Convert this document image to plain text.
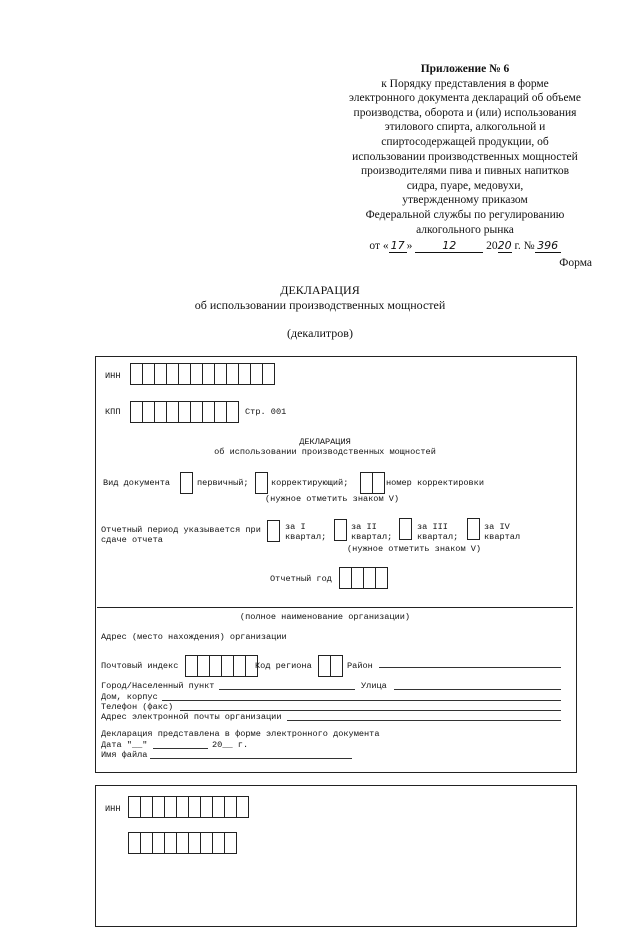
Приложение № 6
к Порядку представления в форме
электронного документа деклараций об объеме
производства, оборота и (или) использования
этилового спирта, алкогольной и
спиртосодержащей продукции, об
использовании производственных мощностей
производителями пива и пивных напитков
сидра, пуаре, медовухи,
утвержденному приказом
Федеральной службы по регулированию
алкогольного рынка
от « 17 »	12	2020 г. № 396
Форма
ДЕКЛАРАЦИЯ
об использовании производственных мощностей
(декалитров)
ИНН
КПП	Стр. 001
ДЕКЛАРАЦИЯ
об использовании производственных мощностей
Вид документа	первичный;	корректирующий;	номер корректировки
(нужное отметить знаком V)
Отчетный период указывается при
сдаче отчета
за I
квартал;
за II
квартал;
за III
квартал;
за IV
квартал
(нужное отметить знаком V)
Отчетный год
(полное наименование организации)
Адрес (место нахождения) организации
Почтовый индекс	Код региона	Район
Город/Населенный пункт	Улица
Дом, корпус
Телефон (факс)
Адрес электронной почты организации
Декларация представлена в форме электронного документа
Дата "__"	20__ г.
Имя файла
ИНН
